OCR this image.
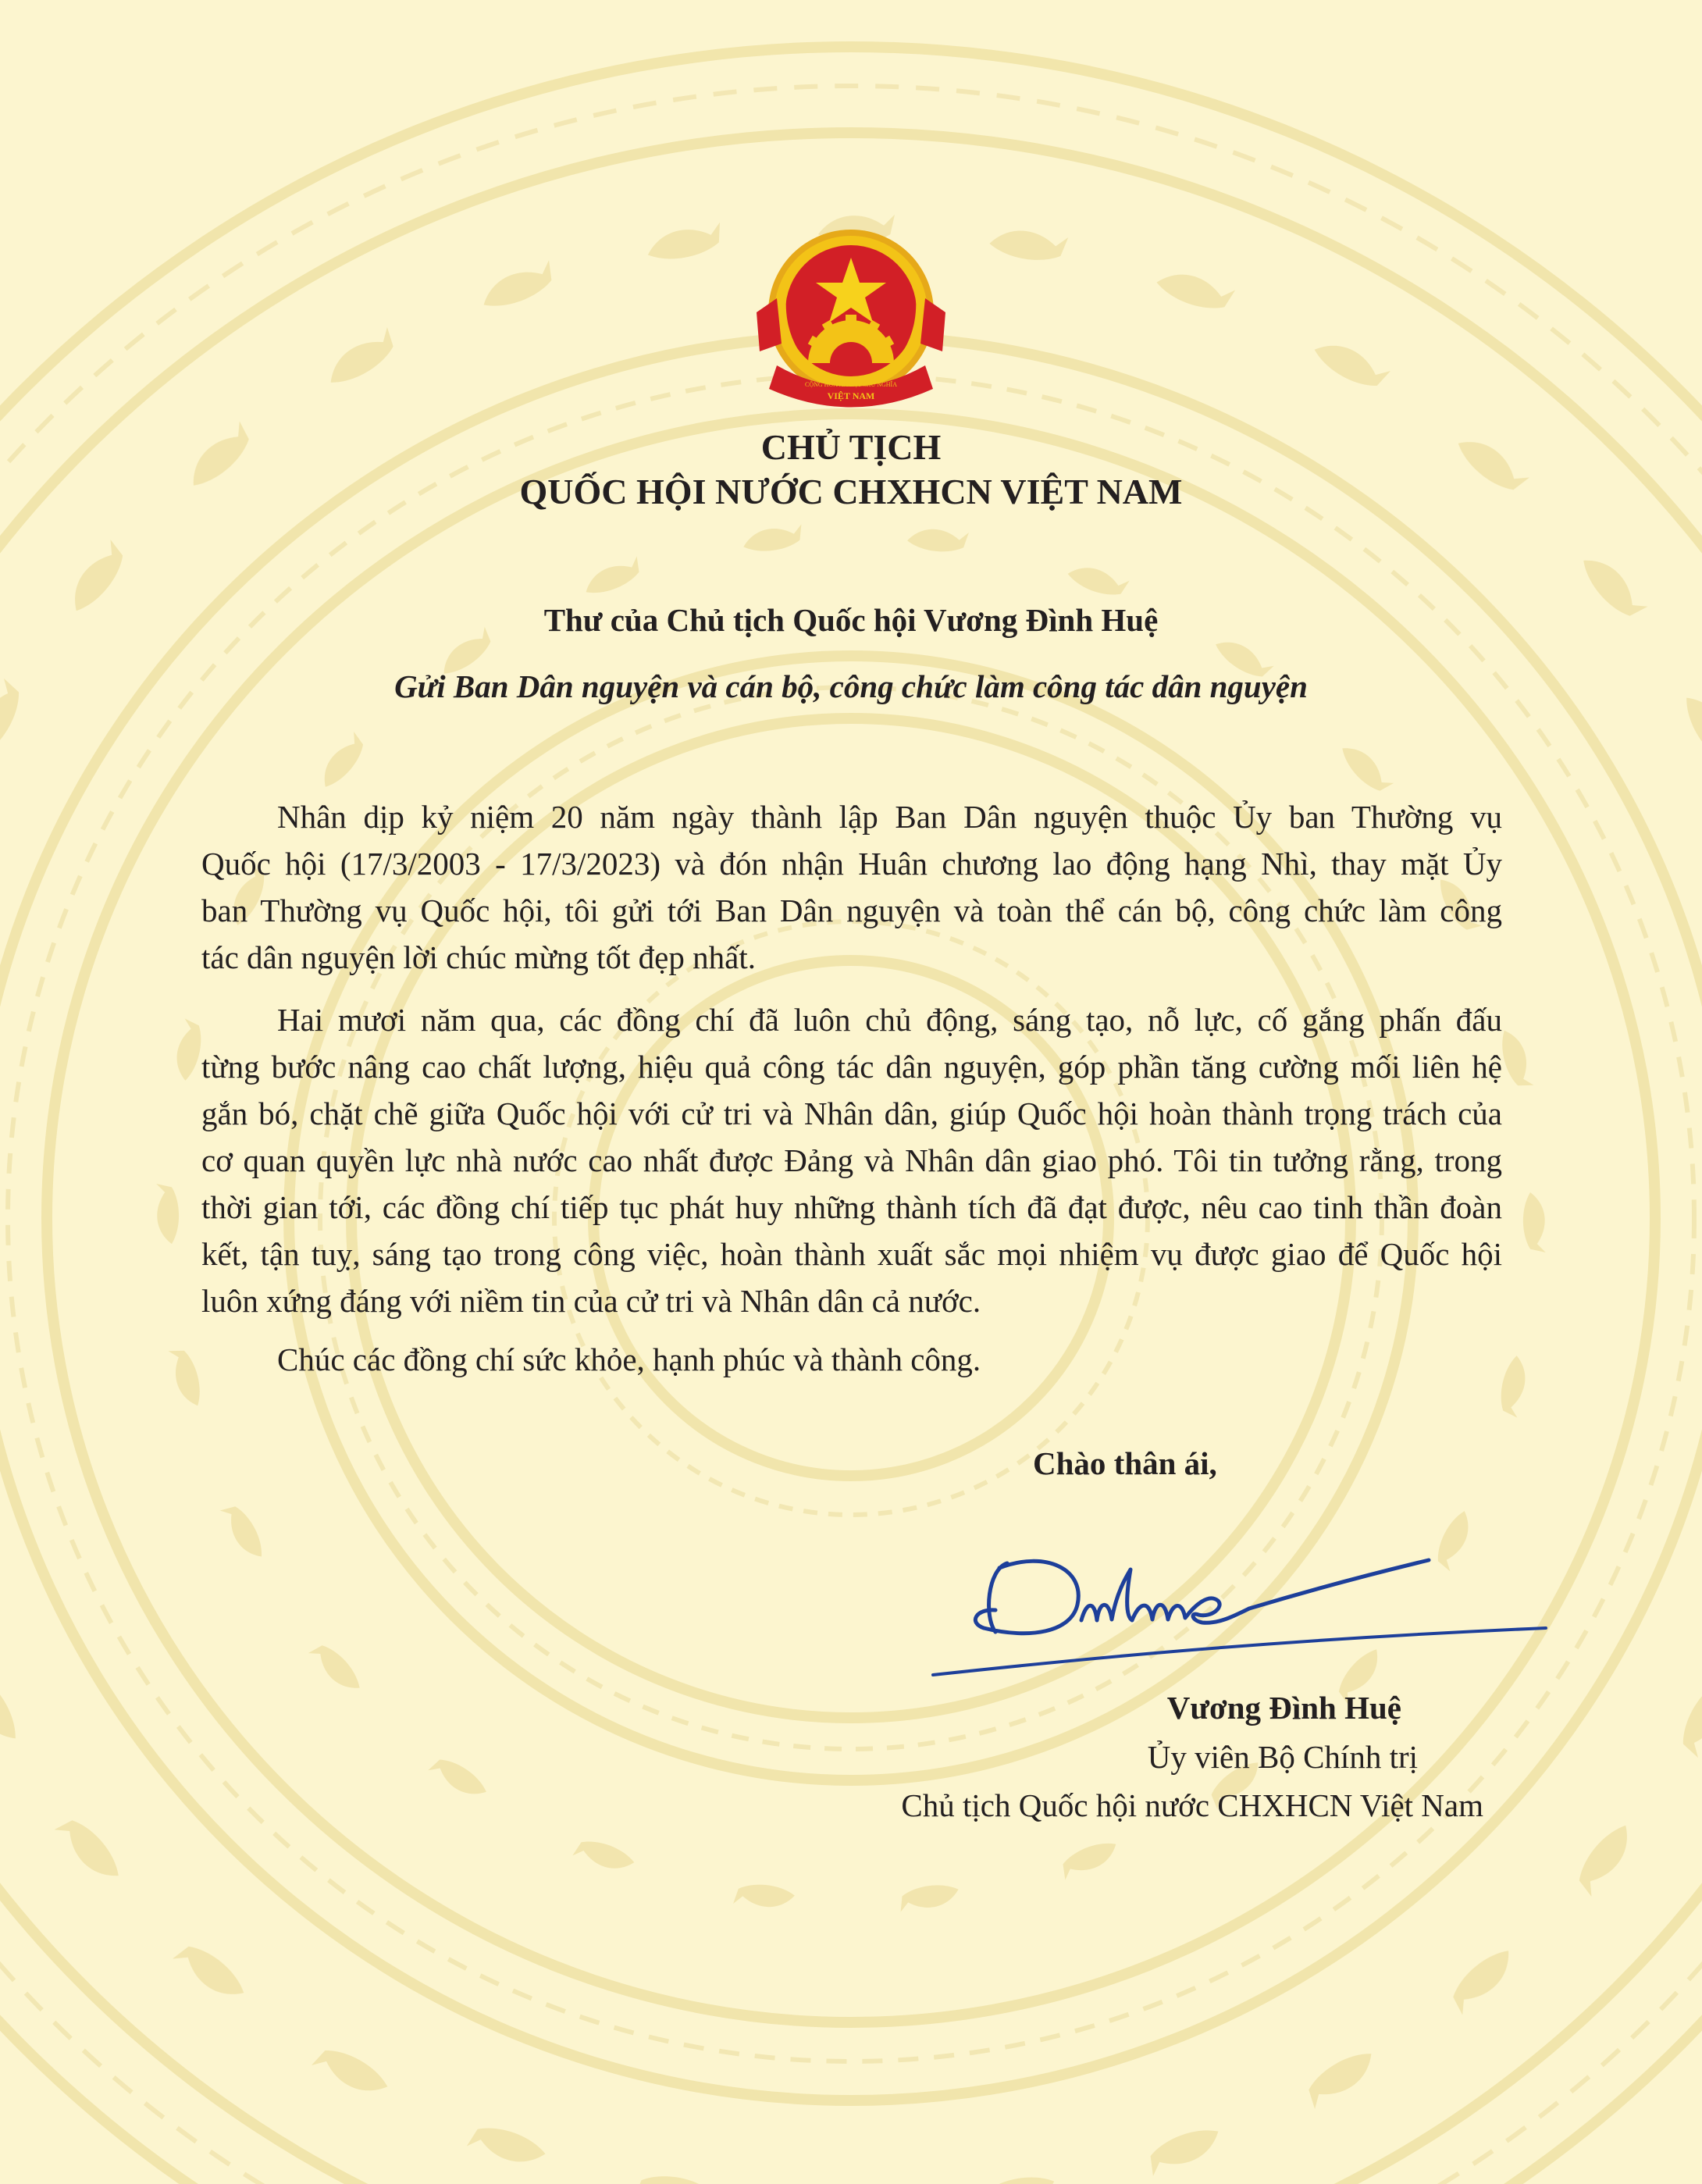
CỘNG HÒA XÃ HỘI CHỦ NGHĨA
VIỆT NAM
CHỦ TỊCH
QUỐC HỘI NƯỚC CHXHCN VIỆT NAM
Thư của Chủ tịch Quốc hội Vương Đình Huệ
Gửi Ban Dân nguyện và cán bộ, công chức làm công tác dân nguyện
Nhân dịp kỷ niệm 20 năm ngày thành lập Ban Dân nguyện thuộc Ủy ban Thường vụ
Quốc hội (17/3/2003 - 17/3/2023) và đón nhận Huân chương lao động hạng Nhì, thay mặt Ủy
ban Thường vụ Quốc hội, tôi gửi tới Ban Dân nguyện và toàn thể cán bộ, công chức làm công
tác dân nguyện lời chúc mừng tốt đẹp nhất.
Hai mươi năm qua, các đồng chí đã luôn chủ động, sáng tạo, nỗ lực, cố gắng phấn đấu
từng bước nâng cao chất lượng, hiệu quả công tác dân nguyện, góp phần tăng cường mối liên hệ
gắn bó, chặt chẽ giữa Quốc hội với cử tri và Nhân dân, giúp Quốc hội hoàn thành trọng trách của
cơ quan quyền lực nhà nước cao nhất được Đảng và Nhân dân giao phó. Tôi tin tưởng rằng, trong
thời gian tới, các đồng chí tiếp tục phát huy những thành tích đã đạt được, nêu cao tinh thần đoàn
kết, tận tuỵ, sáng tạo trong công việc, hoàn thành xuất sắc mọi nhiệm vụ được giao để Quốc hội
luôn xứng đáng với niềm tin của cử tri và Nhân dân cả nước.
Chúc các đồng chí sức khỏe, hạnh phúc và thành công.
Chào thân ái,
Vương Đình Huệ
Ủy viên Bộ Chính trị
Chủ tịch Quốc hội nước CHXHCN Việt Nam
